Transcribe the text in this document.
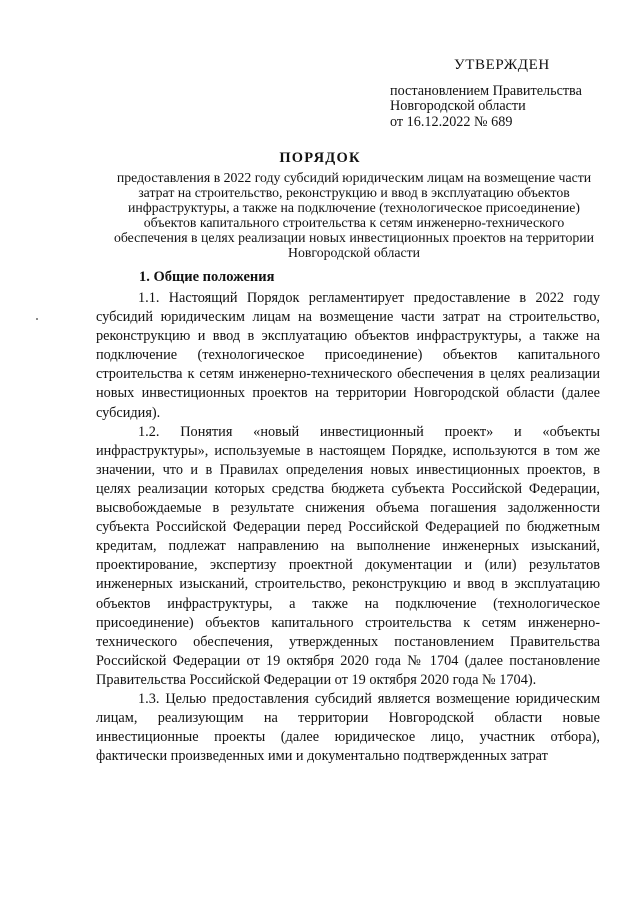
УТВЕРЖДЕН
постановлением Правительства
Новгородской области
от 16.12.2022 № 689
ПОРЯДОК
предоставления в 2022 году субсидий юридическим лицам на возмещение части затрат на строительство, реконструкцию и ввод в эксплуатацию объектов инфраструктуры, а также на подключение (технологическое присоединение) объектов капитального строительства к сетям инженерно-технического обеспечения в целях реализации новых инвестиционных проектов на территории Новгородской области
1. Общие положения

1.1. Настоящий Порядок регламентирует предоставление в 2022 году субсидий юридическим лицам на возмещение части затрат на строительство, реконструкцию и ввод в эксплуатацию объектов инфраструктуры, а также на подключение (технологическое присоединение) объектов капитального строительства к сетям инженерно-технического обеспечения в целях реализации новых инвестиционных проектов на территории Новгородской области (далее субсидия).

1.2. Понятия «новый инвестиционный проект» и «объекты инфраструктуры», используемые в настоящем Порядке, используются в том же значении, что и в Правилах определения новых инвестиционных проектов, в целях реализации которых средства бюджета субъекта Российской Федерации, высвобождаемые в результате снижения объема погашения задолженности субъекта Российской Федерации перед Российской Федерацией по бюджетным кредитам, подлежат направлению на выполнение инженерных изысканий, проектирование, экспертизу проектной документации и (или) результатов инженерных изысканий, строительство, реконструкцию и ввод в эксплуатацию объектов инфраструктуры, а также на подключение (технологическое присоединение) объектов капитального строительства к сетям инженерно-технического обеспечения, утвержденных постановлением Правительства Российской Федерации от 19 октября 2020 года № 1704 (далее постановление Правительства Российской Федерации от 19 октября 2020 года № 1704).

1.3. Целью предоставления субсидий является возмещение юридическим лицам, реализующим на территории Новгородской области новые инвестиционные проекты (далее юридическое лицо, участник отбора), фактически произведенных ими и документально подтвержденных затрат
